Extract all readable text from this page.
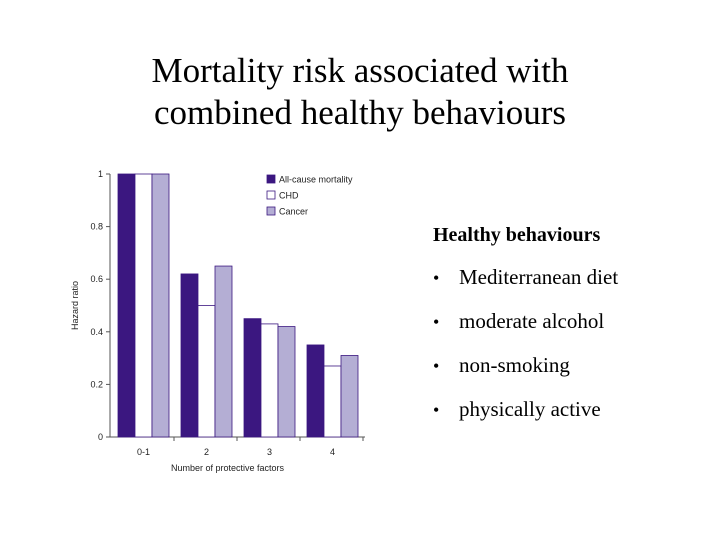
Mortality risk associated with
combined healthy behaviours
0
0.2
0.4
0.6
0.8
1
0-1	2	3	4
Number of protective factors
Hazard ratio
All-cause mortality
CHD
Cancer
Healthy behaviours
• Mediterranean diet
• moderate alcohol
• non-smoking
• physically active
